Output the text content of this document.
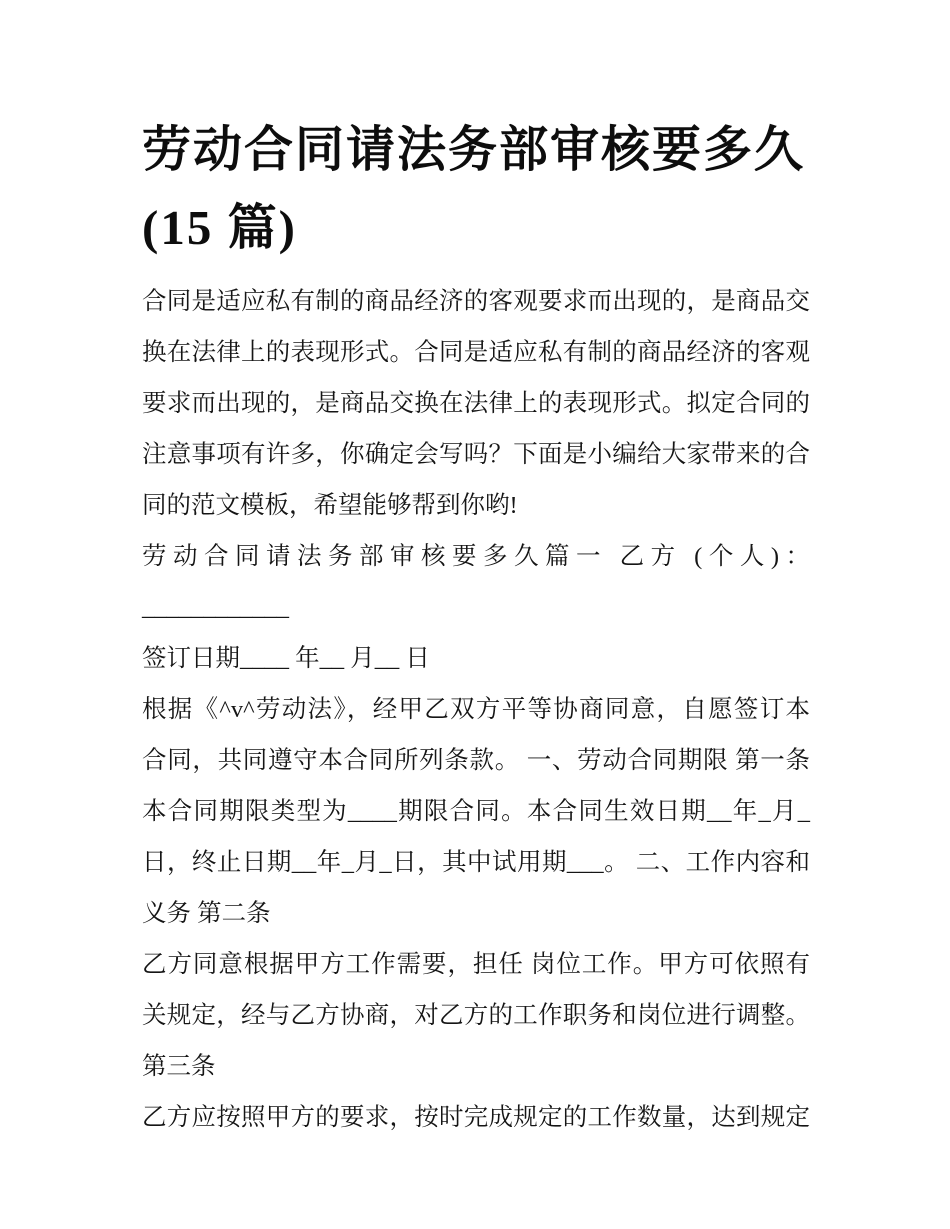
劳动合同请法务部审核要多久
(15 篇)
合同是适应私有制的商品经济的客观要求而出现的，是商品交
换在法律上的表现形式。合同是适应私有制的商品经济的客观
要求而出现的，是商品交换在法律上的表现形式。拟定合同的
注意事项有许多，你确定会写吗？下面是小编给大家带来的合
同的范文模板，希望能够帮到你哟!
劳动合同请法务部审核要多久篇一 乙方 (个人)： ____________
签订日期____ 年__ 月__ 日
根据《^v^劳动法》，经甲乙双方平等协商同意，自愿签订本
合同，共同遵守本合同所列条款。 一、劳动合同期限 第一条
本合同期限类型为____期限合同。本合同生效日期__年_月_
日，终止日期__年_月_日，其中试用期___。 二、工作内容和
义务 第二条
乙方同意根据甲方工作需要，担任 岗位工作。甲方可依照有
关规定，经与乙方协商，对乙方的工作职务和岗位进行调整。
第三条
乙方应按照甲方的要求，按时完成规定的工作数量，达到规定
